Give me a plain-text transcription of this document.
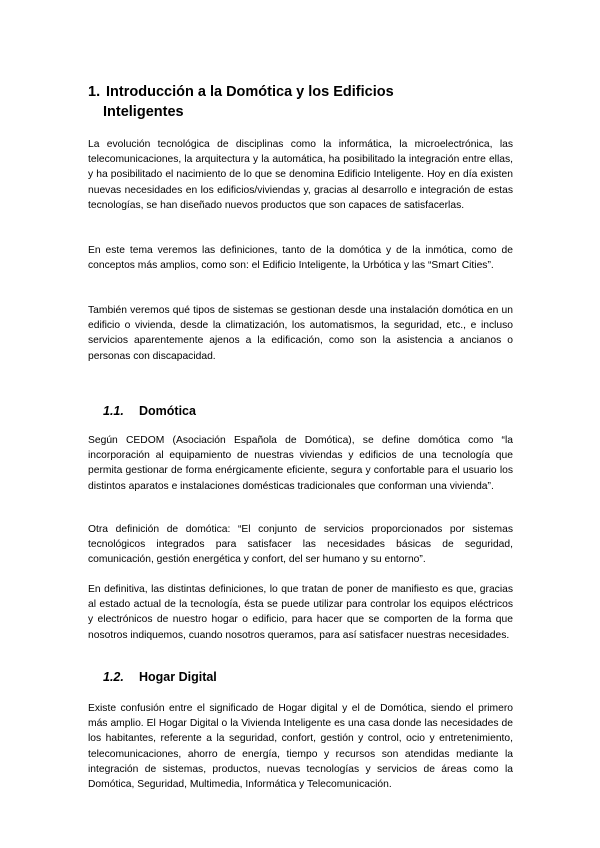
1. Introducción a la Domótica y los Edificios
Inteligentes

La evolución tecnológica de disciplinas como la informática, la microelectrónica, las telecomunicaciones, la arquitectura y la automática, ha posibilitado la integración entre ellas, y ha posibilitado el nacimiento de lo que se denomina Edificio Inteligente. Hoy en día existen nuevas necesidades en los edificios/viviendas y, gracias al desarrollo e integración de estas tecnologías, se han diseñado nuevos productos que son capaces de satisfacerlas.

En este tema veremos las definiciones, tanto de la domótica y de la inmótica, como de conceptos más amplios, como son: el Edificio Inteligente, la Urbótica y las “Smart Cities”.

También veremos qué tipos de sistemas se gestionan desde una instalación domótica en un edificio o vivienda, desde la climatización, los automatismos, la seguridad, etc., e incluso servicios aparentemente ajenos a la edificación, como son la asistencia a ancianos o personas con discapacidad.

1.1. Domótica

Según CEDOM (Asociación Española de Domótica), se define domótica como “la incorporación al equipamiento de nuestras viviendas y edificios de una tecnología que permita gestionar de forma enérgicamente eficiente, segura y confortable para el usuario los distintos aparatos e instalaciones domésticas tradicionales que conforman una vivienda”.

Otra definición de domótica: “El conjunto de servicios proporcionados por sistemas tecnológicos integrados para satisfacer las necesidades básicas de seguridad, comunicación, gestión energética y confort, del ser humano y su entorno”.

En definitiva, las distintas definiciones, lo que tratan de poner de manifiesto es que, gracias al estado actual de la tecnología, ésta se puede utilizar para controlar los equipos eléctricos y electrónicos de nuestro hogar o edificio, para hacer que se comporten de la forma que nosotros indiquemos, cuando nosotros queramos, para así satisfacer nuestras necesidades.

1.2. Hogar Digital

Existe confusión entre el significado de Hogar digital y el de Domótica, siendo el primero más amplio. El Hogar Digital o la Vivienda Inteligente es una casa donde las necesidades de los habitantes, referente a la seguridad, confort, gestión y control, ocio y entretenimiento, telecomunicaciones, ahorro de energía, tiempo y recursos son atendidas mediante la integración de sistemas, productos, nuevas tecnologías y servicios de áreas como la Domótica, Seguridad, Multimedia, Informática y Telecomunicación.
